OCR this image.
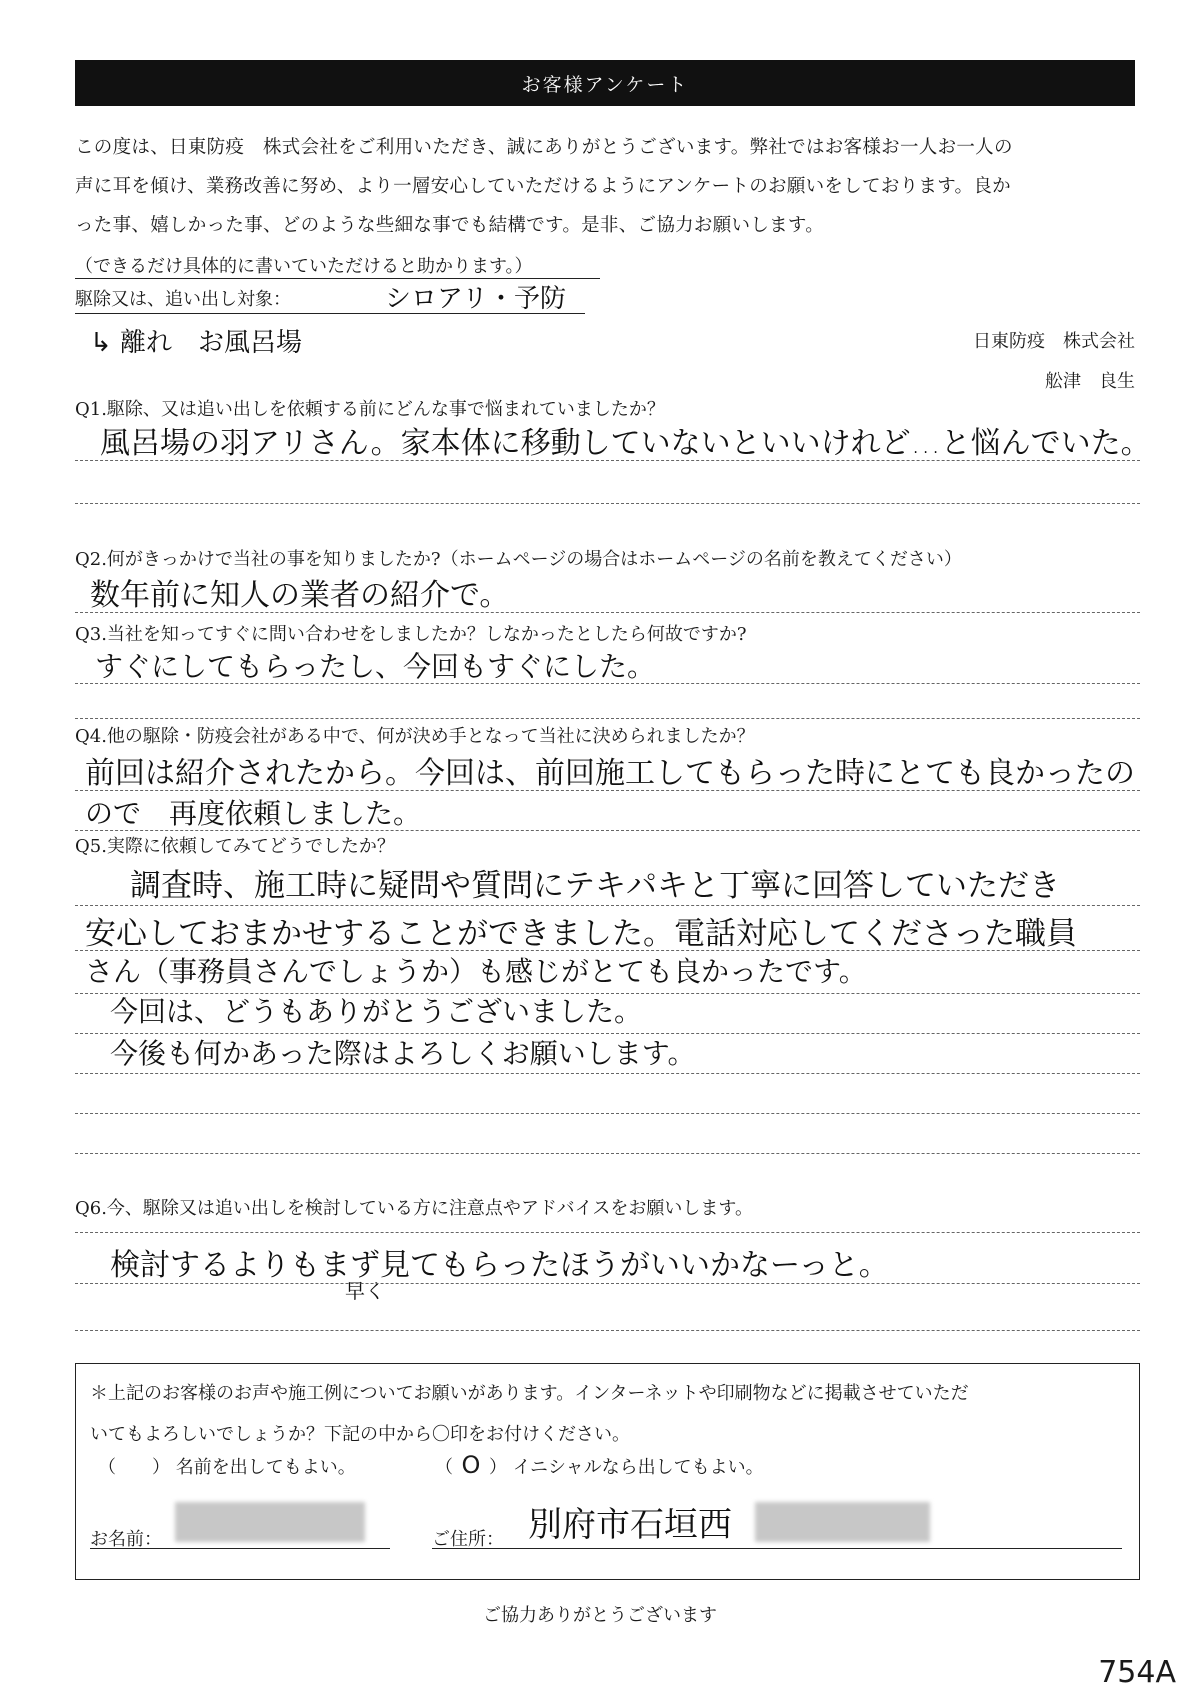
お客様アンケート
この度は、日東防疫　株式会社をご利用いただき、誠にありがとうございます。弊社ではお客様お一人お一人の
声に耳を傾け、業務改善に努め、より一層安心していただけるようにアンケートのお願いをしております。良か
った事、嬉しかった事、どのような些細な事でも結構です。是非、ご協力お願いします。
（できるだけ具体的に書いていただけると助かります。）
駆除又は、追い出し対象：	シロアリ・予防
↳ 離れ　お風呂場	日東防疫　株式会社
舩津　良生
Q1.駆除、又は追い出しを依頼する前にどんな事で悩まれていましたか？
風呂場の羽アリさん。家本体に移動していないといいけれど…と悩んでいた。
Q2.何がきっかけで当社の事を知りましたか?（ホームページの場合はホームページの名前を教えてください）
数年前に知人の業者の紹介で。
Q3.当社を知ってすぐに問い合わせをしましたか？しなかったとしたら何故ですか?
すぐにしてもらったし、今回もすぐにした。
Q4.他の駆除・防疫会社がある中で、何が決め手となって当社に決められましたか？
前回は紹介されたから。今回は、前回施工してもらった時にとても良かったの
ので　再度依頼しました。
Q5.実際に依頼してみてどうでしたか？
調査時、施工時に疑問や質問にテキパキと丁寧に回答していただき
安心しておまかせすることができました。電話対応してくださった職員
さん（事務員さんでしょうか）も感じがとても良かったです。
今回は、どうもありがとうございました。
今後も何かあった際はよろしくお願いします。
Q6.今、駆除又は追い出しを検討している方に注意点やアドバイスをお願いします。
検討するよりもまず見てもらったほうがいいかなーっと。
早く
＊上記のお客様のお声や施工例についてお願いがあります。インターネットや印刷物などに掲載させていただ
いてもよろしいでしょうか？下記の中から〇印をお付けください。
（ ） 名前を出してもよい。	（ O ） イニシャルなら出してもよい。
お名前：	ご住所： 別府市石垣西
ご協力ありがとうございます
754A
